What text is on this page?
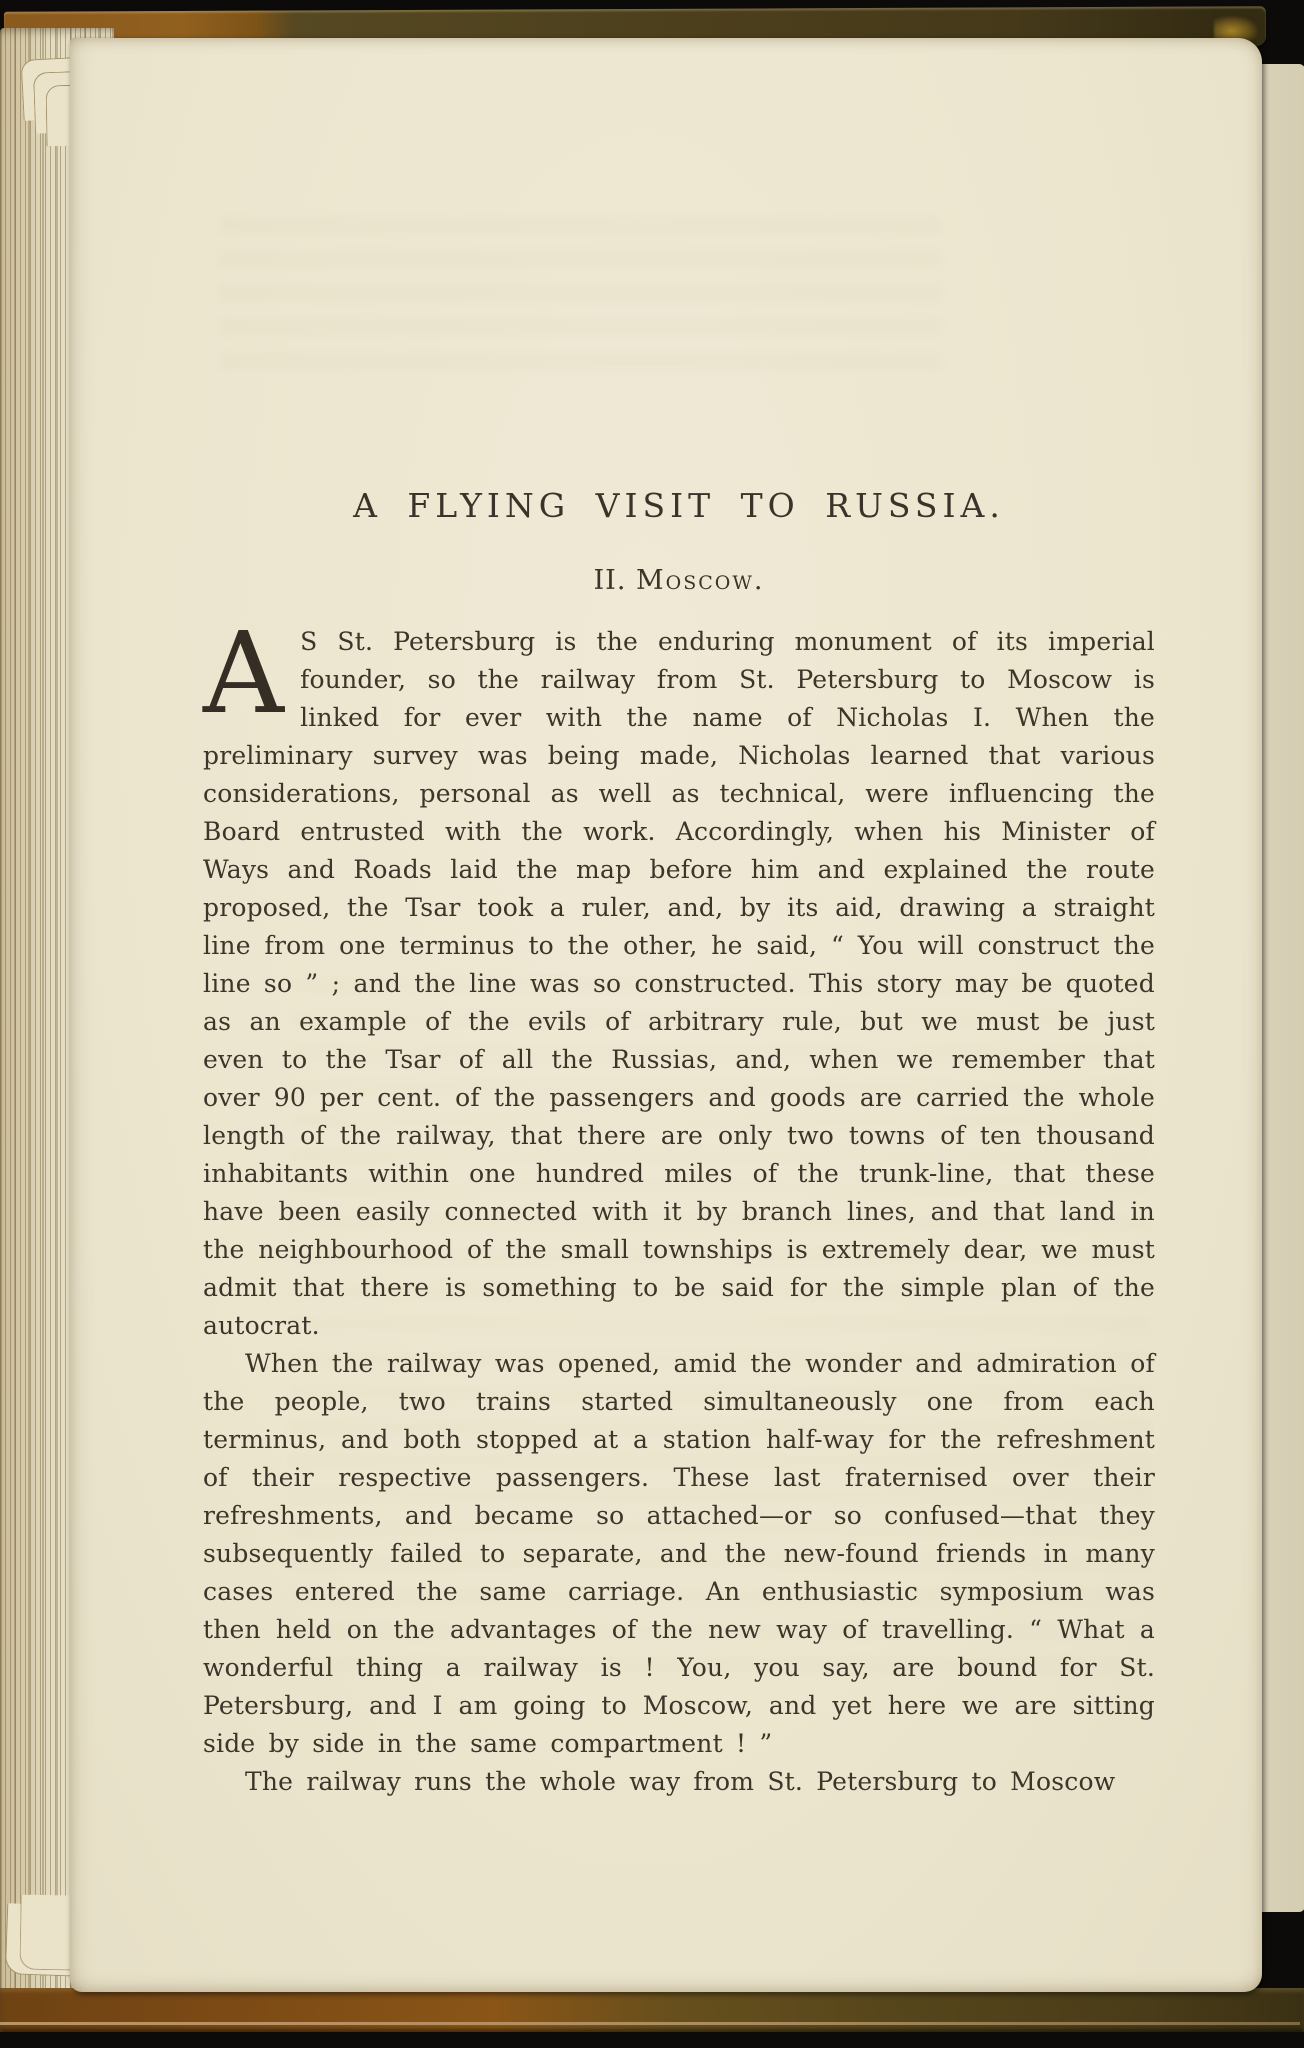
A FLYING VISIT TO RUSSIA.
II. Moscow.

A S St. Petersburg is the enduring monument of its imperial founder, so the railway from St. Petersburg to Moscow is linked for ever with the name of Nicholas I. When the preliminary survey was being made, Nicholas learned that various considerations, personal as well as technical, were influencing the Board entrusted with the work. Accordingly, when his Minister of Ways and Roads laid the map before him and explained the route proposed, the Tsar took a ruler, and, by its aid, drawing a straight line from one terminus to the other, he said, “ You will construct the line so ” ; and the line was so constructed. This story may be quoted as an example of the evils of arbitrary rule, but we must be just even to the Tsar of all the Russias, and, when we remember that over 90 per cent. of the passengers and goods are carried the whole length of the railway, that there are only two towns of ten thousand inhabitants within one hundred miles of the trunk-line, that these have been easily connected with it by branch lines, and that land in the neighbourhood of the small townships is extremely dear, we must admit that there is something to be said for the simple plan of the autocrat.

When the railway was opened, amid the wonder and admiration of the people, two trains started simultaneously one from each terminus, and both stopped at a station half-way for the refreshment of their respective passengers. These last fraternised over their refreshments, and became so attached—or so confused—that they subsequently failed to separate, and the new-found friends in many cases entered the same carriage. An enthusiastic symposium was then held on the advantages of the new way of travelling. “ What a wonderful thing a railway is ! You, you say, are bound for St. Petersburg, and I am going to Moscow, and yet here we are sitting side by side in the same compartment ! ”

The railway runs the whole way from St. Petersburg to Moscow
